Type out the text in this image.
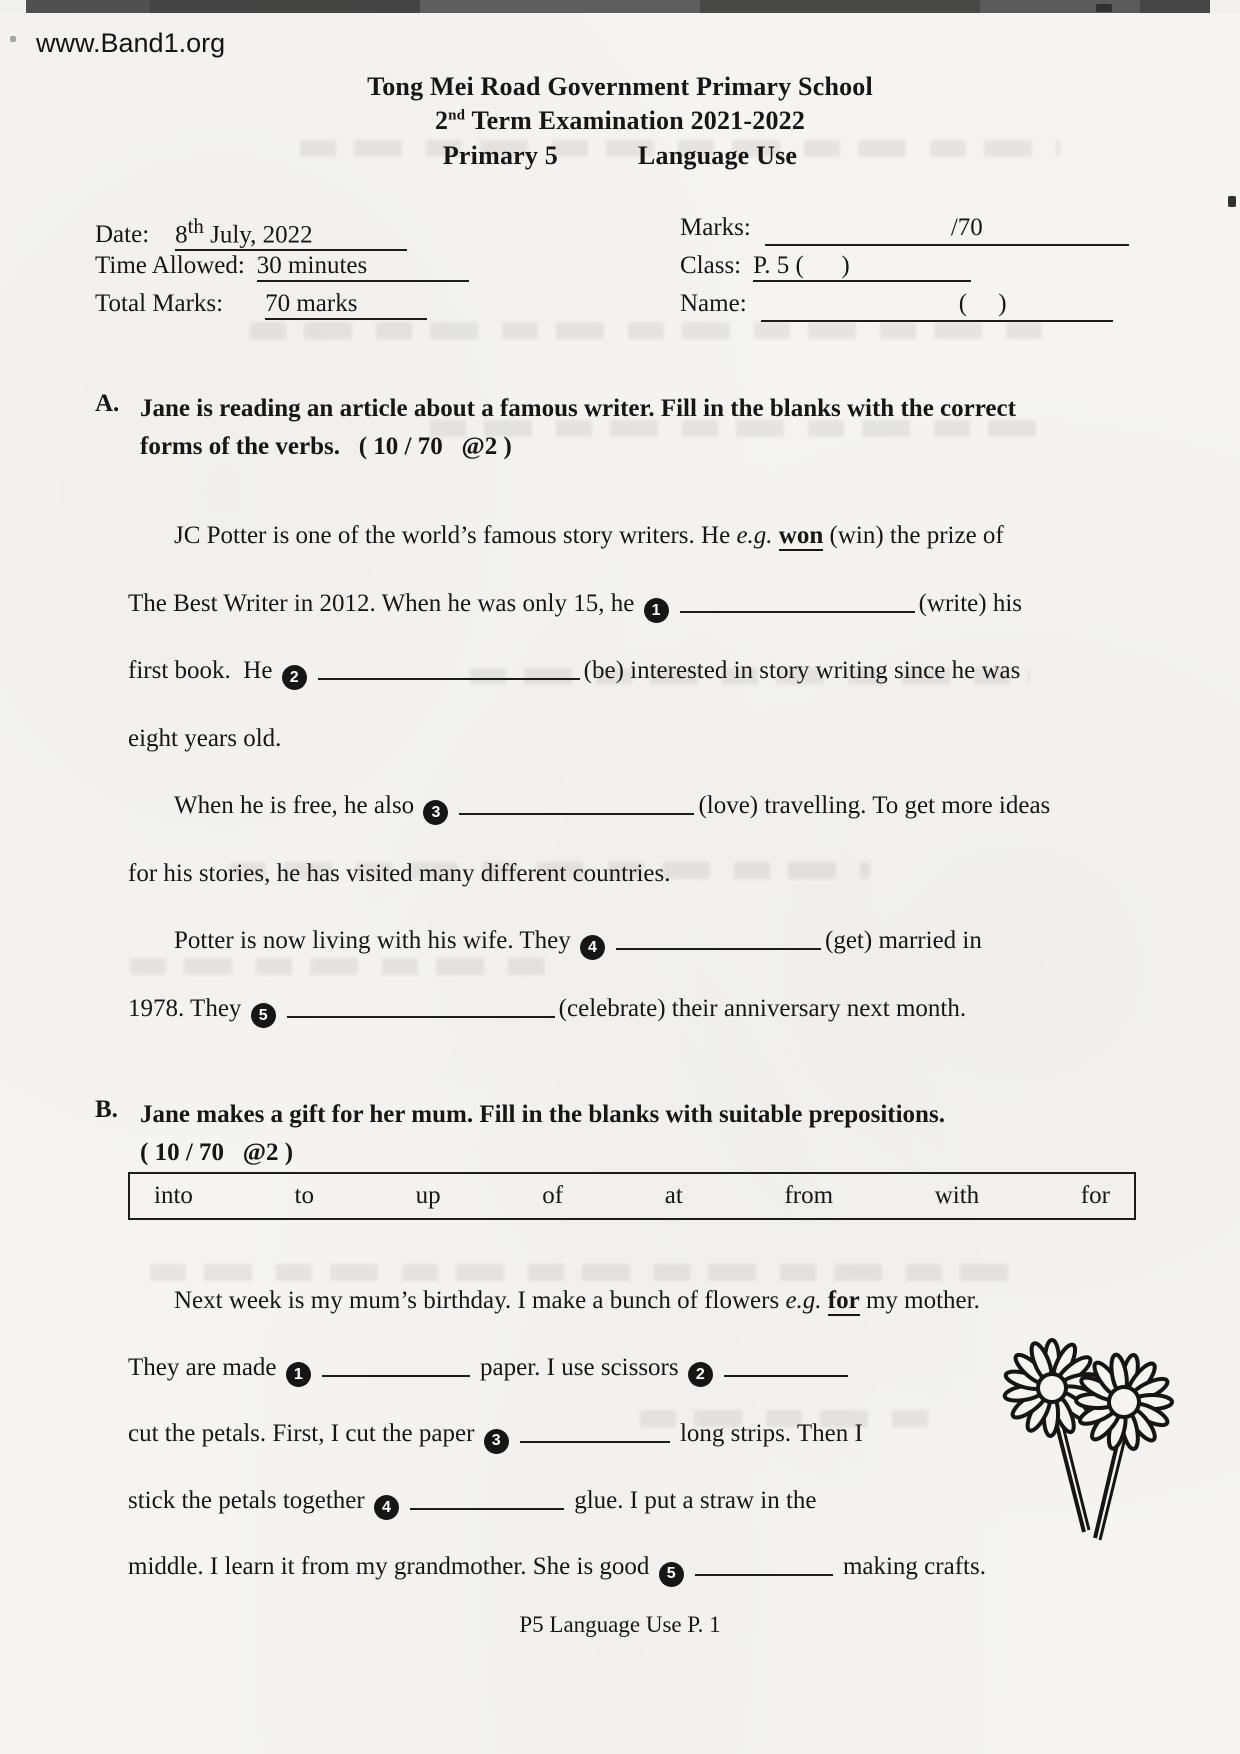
www.Band1.org
Tong Mei Road Government Primary School
2nd Term Examination 2021-2022
Primary 5	Language Use
Date: 8th July, 2022
Time Allowed: 30 minutes
Total Marks: 70 marks
Marks:	/70
Class: P. 5 (      )
Name:	(     )
A. Jane is reading an article about a famous writer. Fill in the blanks with the correct
forms of the verbs. ( 10 / 70   @2 )
JC Potter is one of the world’s famous story writers. He e.g. won (win) the prize of
The Best Writer in 2012. When he was only 15, he 1	(write) his
first book.  He 2	(be) interested in story writing since he was
eight years old.
When he is free, he also 3	(love) travelling. To get more ideas
for his stories, he has visited many different countries.
Potter is now living with his wife. They 4	(get) married in
1978. They 5	(celebrate) their anniversary next month.
B. Jane makes a gift for her mum. Fill in the blanks with suitable prepositions.
( 10 / 70   @2 )
into	to	up	of	at	from	with	for
Next week is my mum’s birthday. I make a bunch of flowers e.g. for my mother.
They are made 1	paper. I use scissors 2
cut the petals. First, I cut the paper 3	long strips. Then I
stick the petals together 4	glue. I put a straw in the
middle. I learn it from my grandmother. She is good 5	making crafts.
P5 Language Use P. 1
